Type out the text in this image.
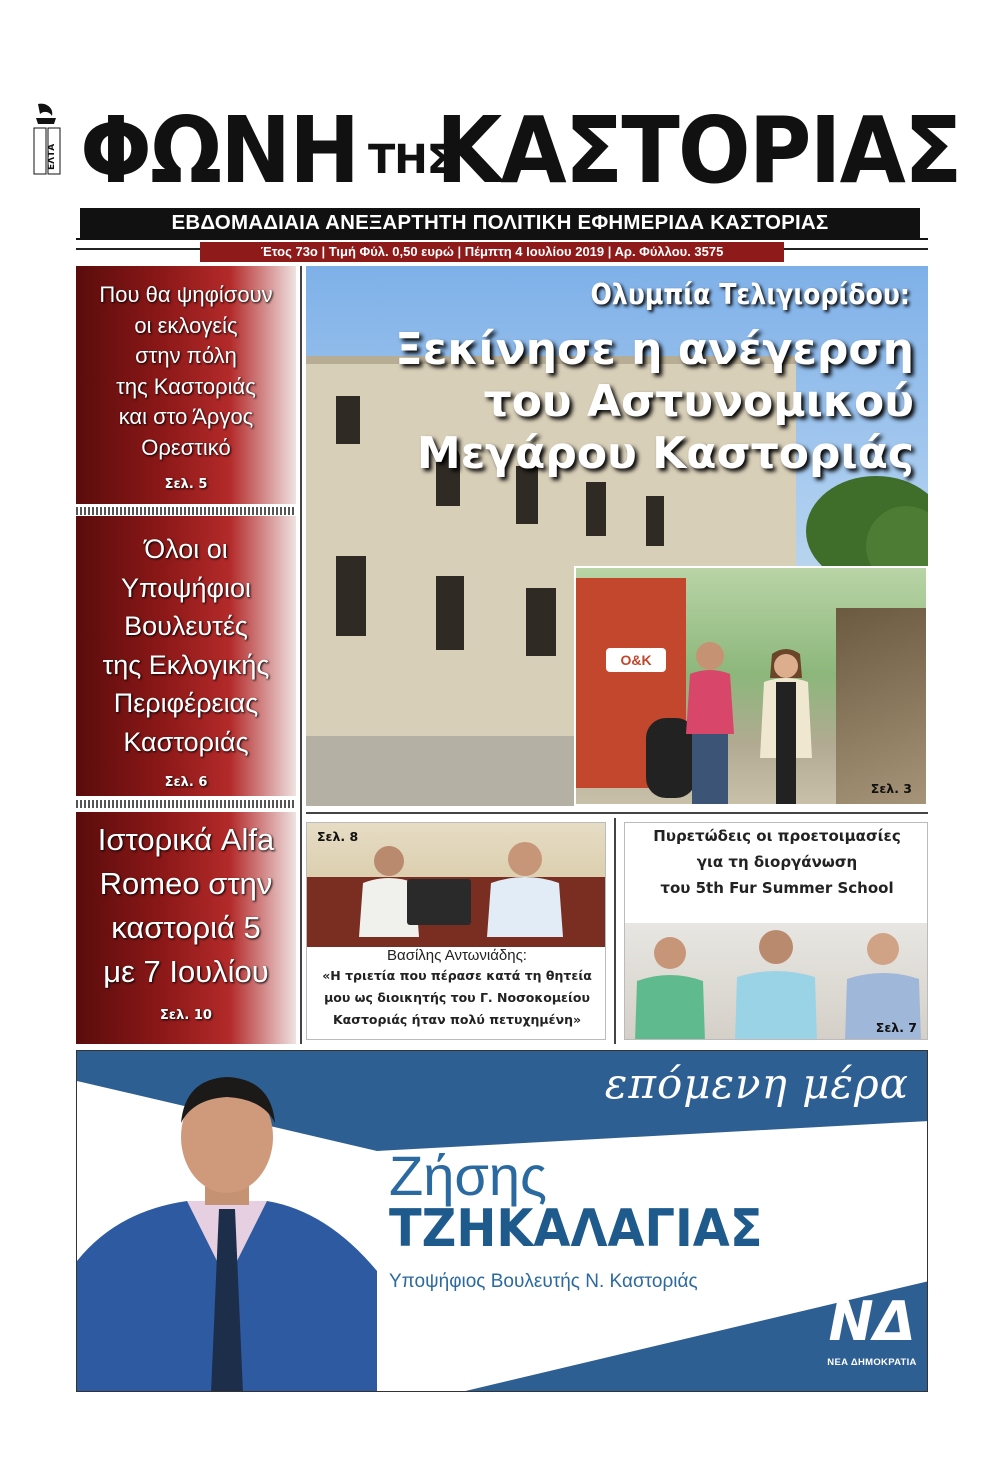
ΕΛΤΑ ΦΩΝΗ ΤΗΣ
ΚΑΣΤΟΡΙΑΣ
ΕΒΔΟΜΑΔΙΑΙΑ ΑΝΕΞΑΡΤΗΤΗ ΠΟΛΙΤΙΚΗ ΕΦΗΜΕΡΙΔΑ ΚΑΣΤΟΡΙΑΣ
Έτος 73ο | Τιμή Φύλ. 0,50 ευρώ | Πέμπτη 4 Ιουλίου 2019 | Αρ. Φύλλου. 3575
Που θα ψηφίσουν
οι εκλογείς
στην πόλη
της Καστοριάς
και στο Άργος
Ορεστικό
Σελ. 5
Όλοι οι
Υποψήφιοι
Βουλευτές
της Εκλογικής
Περιφέρειας
Καστοριάς
Σελ. 6
Ιστορικά Alfa
Romeo στην
καστοριά 5
με 7 Ιουλίου
Σελ. 10
Ολυμπία Τελιγιορίδου:
Ξεκίνησε η ανέγερση
του Αστυνομικού
Μεγάρου Καστοριάς
O&K
Σελ. 3
Σελ. 8
Βασίλης Αντωνιάδης:
«Η τριετία που πέρασε κατά τη θητεία
μου ως διοικητής του Γ. Νοσοκομείου
Καστοριάς ήταν πολύ πετυχημένη»
Πυρετώδεις οι προετοιμασίες
για τη διοργάνωση
του 5th Fur Summer School
Σελ. 7
επόμενη μέρα
Ζήσης
ΤΖΗΚΑΛΑΓΙΑΣ
Υποψήφιος Βουλευτής Ν. Καστοριάς
ΝΔ
ΝΕΑ ΔΗΜΟΚΡΑΤΙΑ
